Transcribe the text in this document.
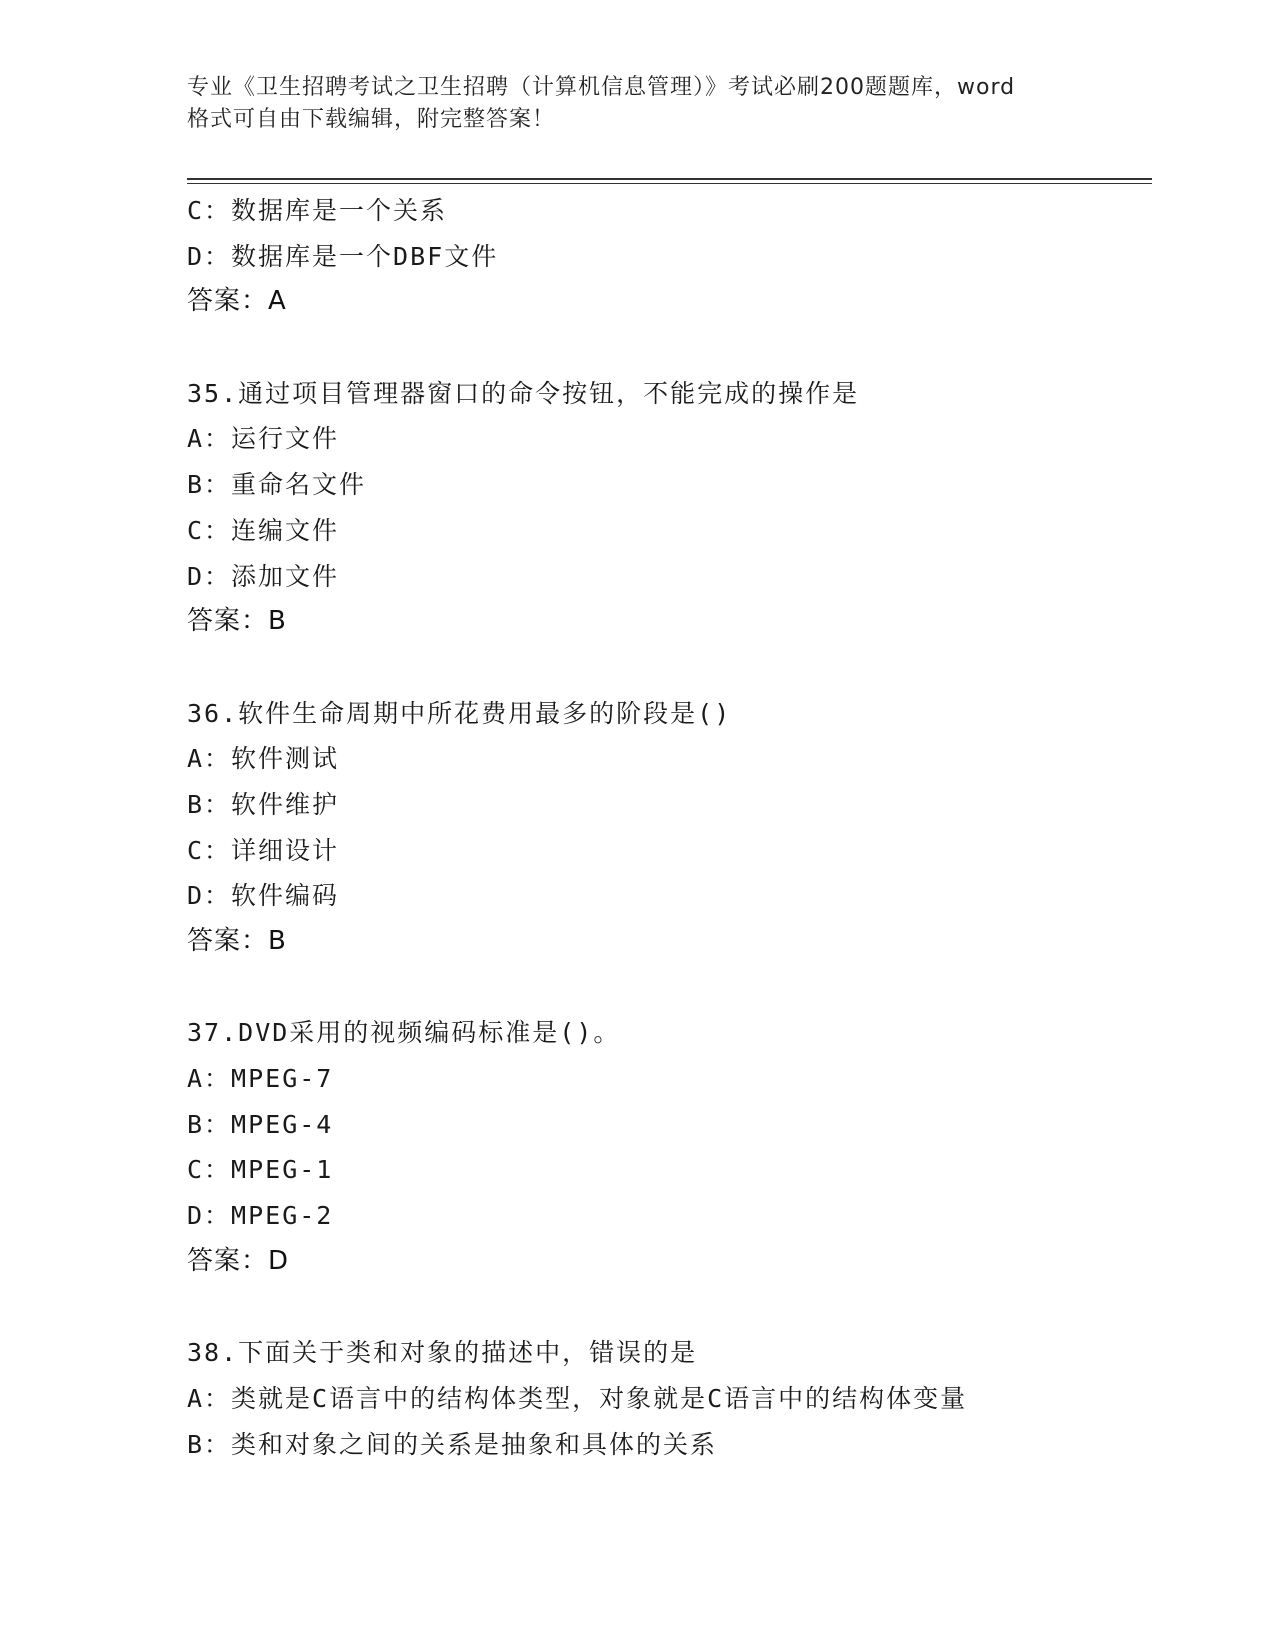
专业《卫生招聘考试之卫生招聘（计算机信息管理）》考试必刷200题题库，word
格式可自由下载编辑，附完整答案！
C：数据库是一个关系
D：数据库是一个DBF文件
答案：A
35.通过项目管理器窗口的命令按钮，不能完成的操作是
A：运行文件
B：重命名文件
C：连编文件
D：添加文件
答案：B
36.软件生命周期中所花费用最多的阶段是()
A：软件测试
B：软件维护
C：详细设计
D：软件编码
答案：B
37.DVD采用的视频编码标准是()。
A：MPEG-7
B：MPEG-4
C：MPEG-1
D：MPEG-2
答案：D
38.下面关于类和对象的描述中，错误的是
A：类就是C语言中的结构体类型，对象就是C语言中的结构体变量
B：类和对象之间的关系是抽象和具体的关系
